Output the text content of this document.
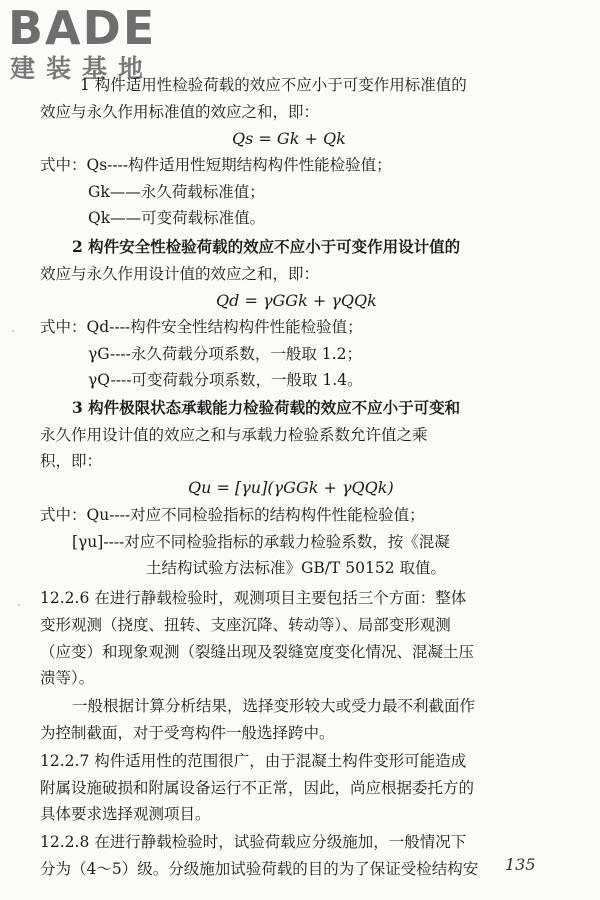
BADE
建装基地
1 构件适用性检验荷载的效应不应小于可变作用标准值的
效应与永久作用标准值的效应之和，即：
Qs = Gk + Qk
式中：Qs----构件适用性短期结构构件性能检验值；
Gk——永久荷载标准值；
Qk——可变荷载标准值。
2 构件安全性检验荷载的效应不应小于可变作用设计值的
效应与永久作用设计值的效应之和，即：
Qd = γGGk + γQQk
式中：Qd----构件安全性结构构件性能检验值；
γG----永久荷载分项系数，一般取 1.2；
γQ----可变荷载分项系数，一般取 1.4。
3 构件极限状态承载能力检验荷载的效应不应小于可变和
永久作用设计值的效应之和与承载力检验系数允许值之乘
积，即：
Qu = [γu](γGGk + γQQk)
式中：Qu----对应不同检验指标的结构构件性能检验值；
[γu]----对应不同检验指标的承载力检验系数，按《混凝
土结构试验方法标准》GB/T 50152 取值。
12.2.6 在进行静载检验时，观测项目主要包括三个方面：整体
变形观测（挠度、扭转、支座沉降、转动等）、局部变形观测
（应变）和现象观测（裂缝出现及裂缝宽度变化情况、混凝土压
溃等）。
一般根据计算分析结果，选择变形较大或受力最不利截面作
为控制截面，对于受弯构件一般选择跨中。
12.2.7 构件适用性的范围很广，由于混凝土构件变形可能造成
附属设施破损和附属设备运行不正常，因此，尚应根据委托方的
具体要求选择观测项目。
12.2.8 在进行静载检验时，试验荷载应分级施加，一般情况下
分为（4～5）级。分级施加试验荷载的目的为了保证受检结构安 135
